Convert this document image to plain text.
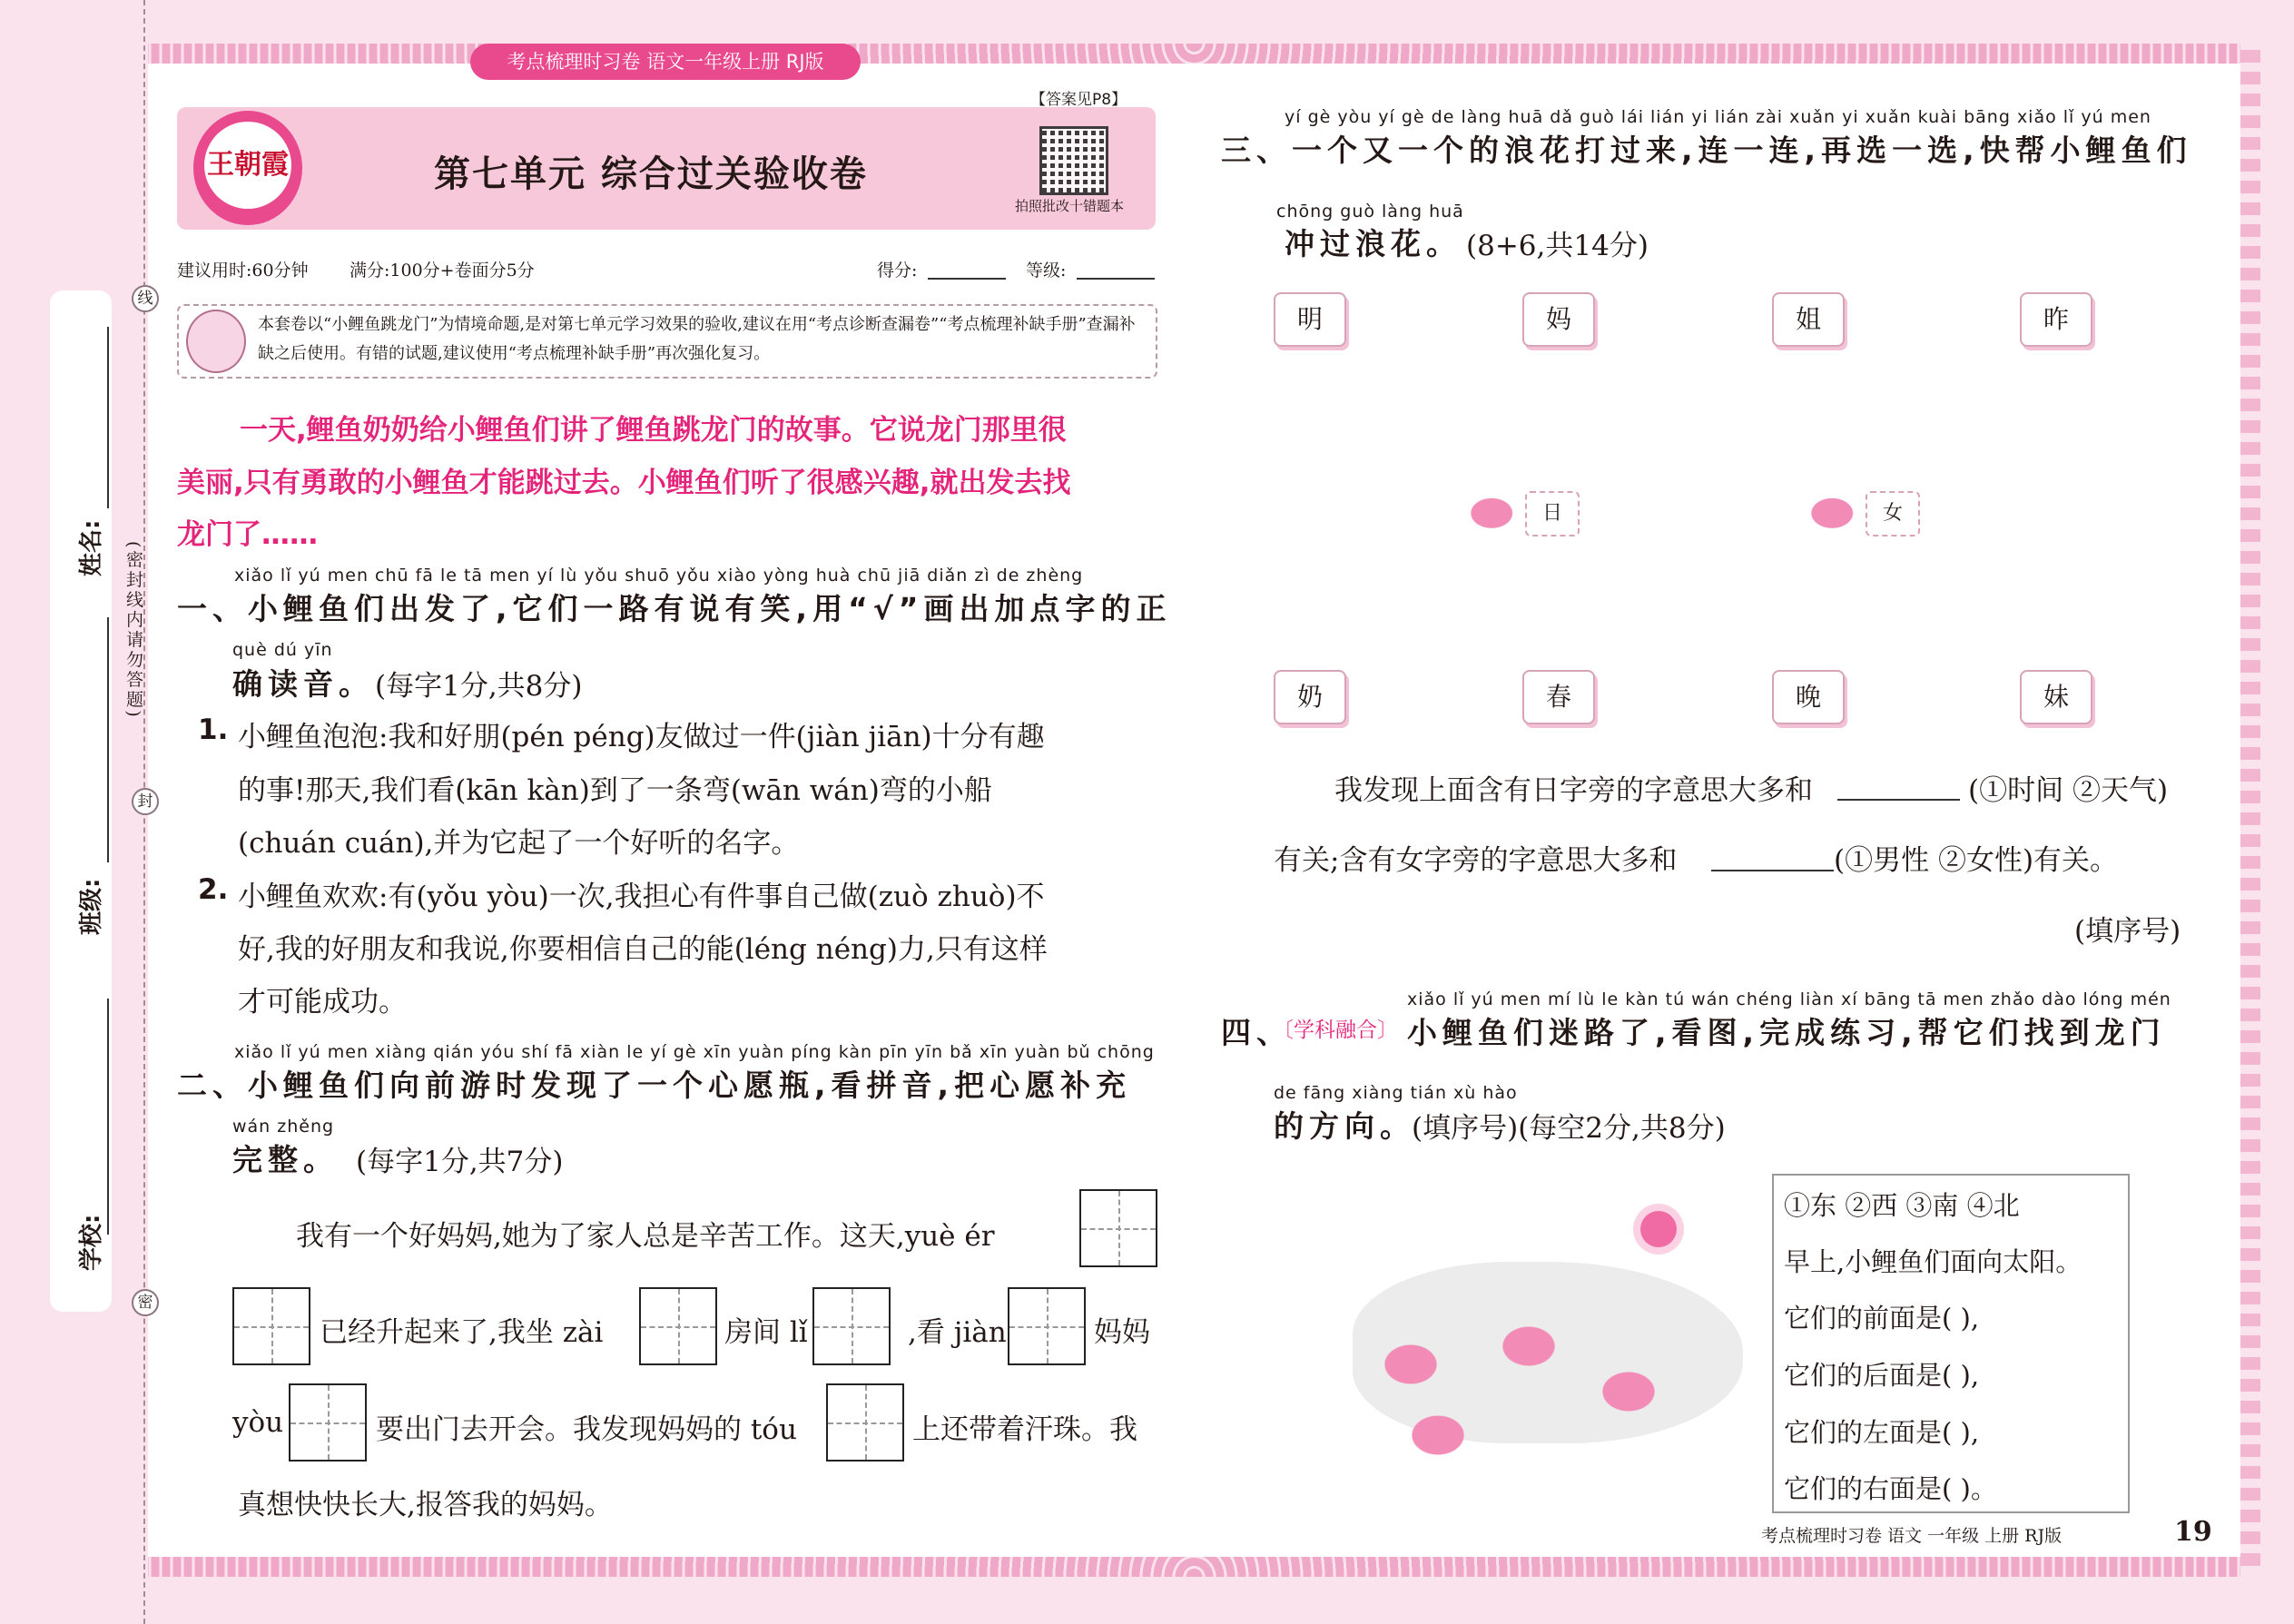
姓名:
班级:
学校:
(密封线内请勿答题)
线
封
密
考点梳理时习卷 语文一年级上册 RJ版
王朝霞	第七单元 综合过关验收卷
【答案见P8】
拍照批改十错题本
建议用时:60分钟 满分:100分+卷面分5分	得分:	等级:
本套卷以“小鲤鱼跳龙门”为情境命题,是对第七单元学习效果的验收,建议在用“考点诊断查漏卷”“考点梳理补缺手册”查漏补缺之后使用。有错的试题,建议使用“考点梳理补缺手册”再次强化复习。
一天,鲤鱼奶奶给小鲤鱼们讲了鲤鱼跳龙门的故事。它说龙门那里很
美丽,只有勇敢的小鲤鱼才能跳过去。小鲤鱼们听了很感兴趣,就出发去找
龙门了……
xiǎo lǐ yú men chū fā le tā men yí lù yǒu shuō yǒu xiào yòng huà chū jiā diǎn zì de zhèng
一、小鲤鱼们出发了,它们一路有说有笑,用“√”画出加点字的正
què dú yīn
确读音。 (每字1分,共8分)
1. 小鲤鱼泡泡:我和好朋(pén péng)友做过一件(jiàn jiān)十分有趣
的事!那天,我们看(kān kàn)到了一条弯(wān wán)弯的小船
(chuán cuán),并为它起了一个好听的名字。
2. 小鲤鱼欢欢:有(yǒu yòu)一次,我担心有件事自己做(zuò zhuò)不
好,我的好朋友和我说,你要相信自己的能(léng néng)力,只有这样
才可能成功。
xiǎo lǐ yú men xiàng qián yóu shí fā xiàn le yí gè xīn yuàn píng kàn pīn yīn bǎ xīn yuàn bǔ chōng
二、小鲤鱼们向前游时发现了一个心愿瓶,看拼音,把心愿补充
wán zhěng
完整。 (每字1分,共7分)
我有一个好妈妈,她为了家人总是辛苦工作。这天,yuè ér
已经升起来了,我坐 zài	房间 lǐ	,看 jiàn	妈妈
yòu	要出门去开会。我发现妈妈的 tóu	上还带着汗珠。我
真想快快长大,报答我的妈妈。
yí gè yòu yí gè de làng huā dǎ guò lái lián yi lián zài xuǎn yi xuǎn kuài bāng xiǎo lǐ yú men
三、一个又一个的浪花打过来,连一连,再选一选,快帮小鲤鱼们
chōng guò làng huā
冲过浪花。 (8+6,共14分)
明	妈	姐	昨
日	女
奶	春	晚	妹
我发现上面含有日字旁的字意思大多和	(①时间 ②天气)
有关;含有女字旁的字意思大多和	(①男性 ②女性)有关。
(填序号)
xiǎo lǐ yú men mí lù le kàn tú wán chéng liàn xí bāng tā men zhǎo dào lóng mén
四、
〔学科融合〕 小鲤鱼们迷路了,看图,完成练习,帮它们找到龙门
de fāng xiàng tián xù hào
的方向。
(填序号)(每空2分,共8分)
①东 ②西 ③南 ④北
早上,小鲤鱼们面向太阳。
它们的前面是( ),
它们的后面是( ),
它们的左面是( ),
它们的右面是( )。
考点梳理时习卷 语文 一年级 上册 RJ版	19
